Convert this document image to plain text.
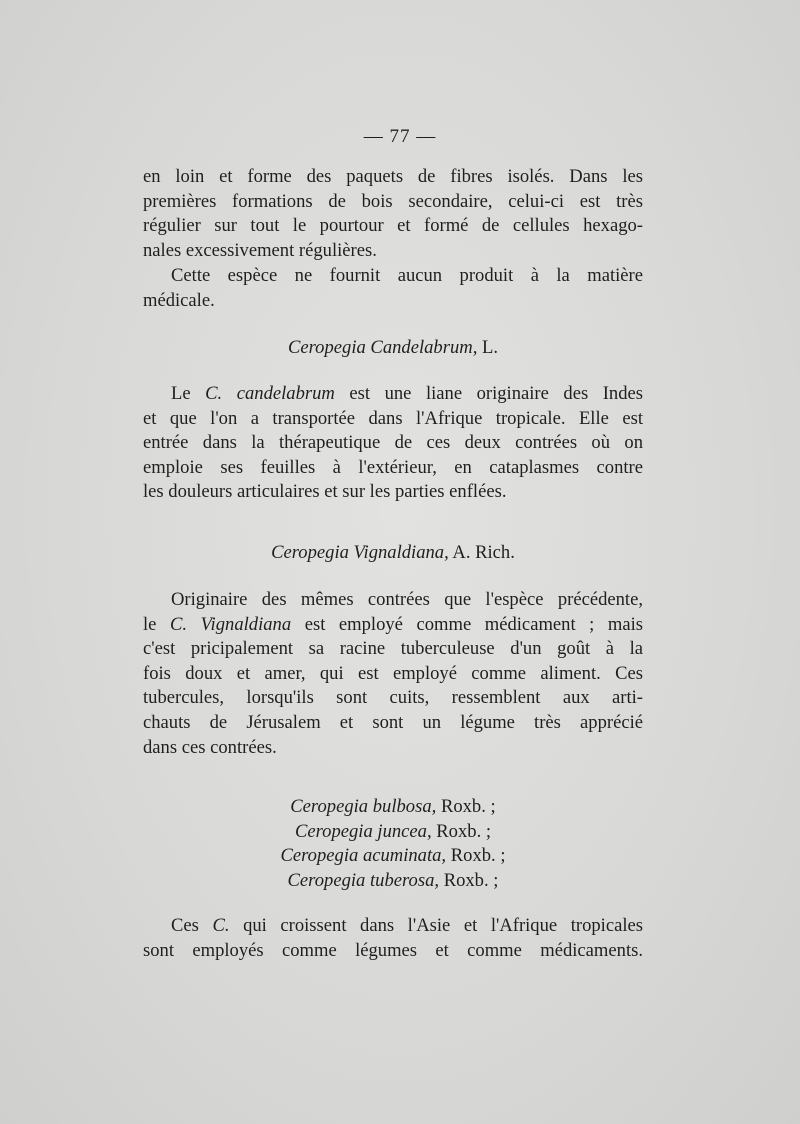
— 77 —
en loin et forme des paquets de fibres isolés. Dans les
premières formations de bois secondaire, celui-ci est très
régulier sur tout le pourtour et formé de cellules hexago-
nales excessivement régulières.
Cette espèce ne fournit aucun produit à la matière
médicale.
Ceropegia Candelabrum, L.
Le C. candelabrum est une liane originaire des Indes
et que l'on a transportée dans l'Afrique tropicale. Elle est
entrée dans la thérapeutique de ces deux contrées où on
emploie ses feuilles à l'extérieur, en cataplasmes contre
les douleurs articulaires et sur les parties enflées.
Ceropegia Vignaldiana, A. Rich.
Originaire des mêmes contrées que l'espèce précédente,
le C. Vignaldiana est employé comme médicament ; mais
c'est pricipalement sa racine tuberculeuse d'un goût à la
fois doux et amer, qui est employé comme aliment. Ces
tubercules, lorsqu'ils sont cuits, ressemblent aux arti-
chauts de Jérusalem et sont un légume très apprécié
dans ces contrées.
Ceropegia bulbosa, Roxb. ;
Ceropegia juncea, Roxb. ;
Ceropegia acuminata, Roxb. ;
Ceropegia tuberosa, Roxb. ;
Ces C. qui croissent dans l'Asie et l'Afrique tropicales
sont employés comme légumes et comme médicaments.
